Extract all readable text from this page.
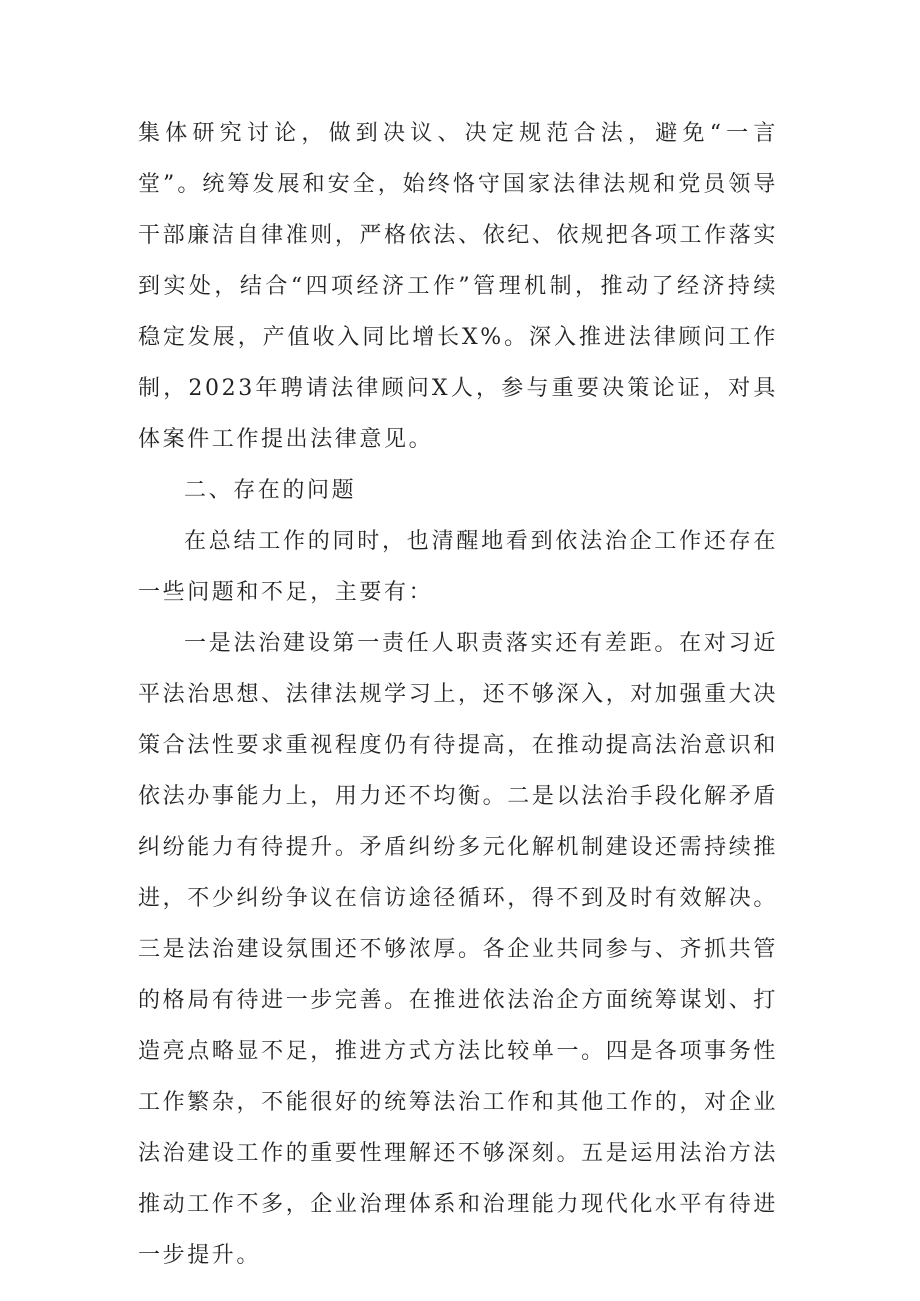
集体研究讨论，做到决议、决定规范合法，避免“一言堂”。统筹发展和安全，始终恪守国家法律法规和党员领导干部廉洁自律准则，严格依法、依纪、依规把各项工作落实到实处，结合“四项经济工作”管理机制，推动了经济持续稳定发展，产值收入同比增长X%。深入推进法律顾问工作制，2023年聘请法律顾问X人，参与重要决策论证，对具体案件工作提出法律意见。

二、存在的问题

在总结工作的同时，也清醒地看到依法治企工作还存在一些问题和不足，主要有：

一是法治建设第一责任人职责落实还有差距。在对习近平法治思想、法律法规学习上，还不够深入，对加强重大决策合法性要求重视程度仍有待提高，在推动提高法治意识和依法办事能力上，用力还不均衡。二是以法治手段化解矛盾纠纷能力有待提升。矛盾纠纷多元化解机制建设还需持续推进，不少纠纷争议在信访途径循环，得不到及时有效解决。三是法治建设氛围还不够浓厚。各企业共同参与、齐抓共管的格局有待进一步完善。在推进依法治企方面统筹谋划、打造亮点略显不足，推进方式方法比较单一。四是各项事务性工作繁杂，不能很好的统筹法治工作和其他工作的，对企业法治建设工作的重要性理解还不够深刻。五是运用法治方法推动工作不多，企业治理体系和治理能力现代化水平有待进一步提升。
